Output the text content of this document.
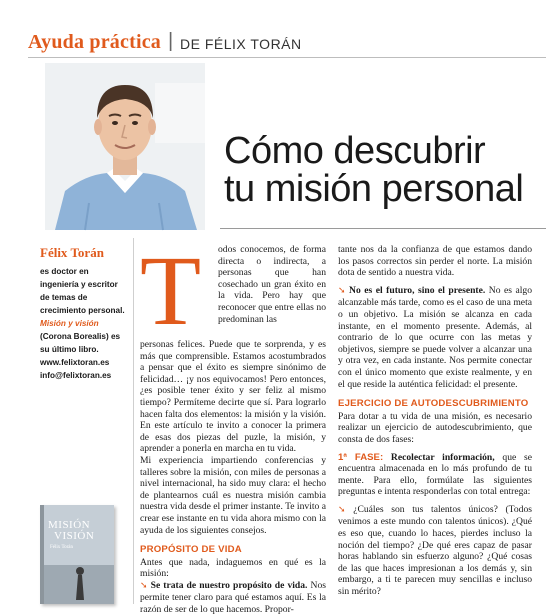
Ayuda práctica | DE FÉLIX TORÁN
Cómo descubrir
tu misión personal
Félix Torán
es doctor en ingeniería y escritor de temas de crecimiento personal. Misión y visión (Corona Borealis) es su último libro.
www.felixtoran.es
info@felixtoran.es
MISIÓN
VISIÓN
Félix Torán
T odos conocemos, de forma directa o indirecta, a personas que han cosechado un gran éxito en la vida. Pero hay que reconocer que entre ellas no predominan las

personas felices. Puede que te sorprenda, y es más que comprensible. Estamos acostumbrados a pensar que el éxito es siempre sinónimo de felicidad… ¡y nos equivocamos! Pero entonces, ¿es posible tener éxito y ser feliz al mismo tiempo? Permíteme decirte que sí. Para lograrlo hacen falta dos elementos: la misión y la visión. En este artículo te invito a conocer la primera de esas dos piezas del puzle, la misión, y aprender a ponerla en marcha en tu vida.

Mi experiencia impartiendo conferencias y talleres sobre la misión, con miles de personas a nivel internacional, ha sido muy clara: el hecho de plantearnos cuál es nuestra misión cambia nuestra vida desde el primer instante. Te invito a crear ese instante en tu vida ahora mismo con la ayuda de los siguientes consejos.

PROPÓSITO DE VIDA

Antes que nada, indaguemos en qué es la misión:

➘ Se trata de nuestro propósito de vida. Nos permite tener claro para qué estamos aquí. Es la razón de ser de lo que hacemos. Propor-

tante nos da la confianza de que estamos dando los pasos correctos sin perder el norte. La misión dota de sentido a nuestra vida.

➘ No es el futuro, sino el presente. No es algo alcanzable más tarde, como es el caso de una meta o un objetivo. La misión se alcanza en cada instante, en el momento presente. Además, al contrario de lo que ocurre con las metas y objetivos, siempre se puede volver a alcanzar una y otra vez, en cada instante. Nos permite conectar con el único momento que existe realmente, y en el que reside la auténtica felicidad: el presente.

EJERCICIO DE AUTODESCUBRIMIENTO

Para dotar a tu vida de una misión, es necesario realizar un ejercicio de autodescubrimiento, que consta de dos fases:

1ª FASE: Recolectar información, que se encuentra almacenada en lo más profundo de tu mente. Para ello, formúlate las siguientes preguntas e intenta responderlas con total entrega:

➘ ¿Cuáles son tus talentos únicos? (Todos venimos a este mundo con talentos únicos). ¿Qué es eso que, cuando lo haces, pierdes incluso la noción del tiempo? ¿De qué eres capaz de pasar horas hablando sin esfuerzo alguno? ¿Qué cosas de las que haces impresionan a los demás y, sin embargo, a ti te parecen muy sencillas e incluso sin mérito?
